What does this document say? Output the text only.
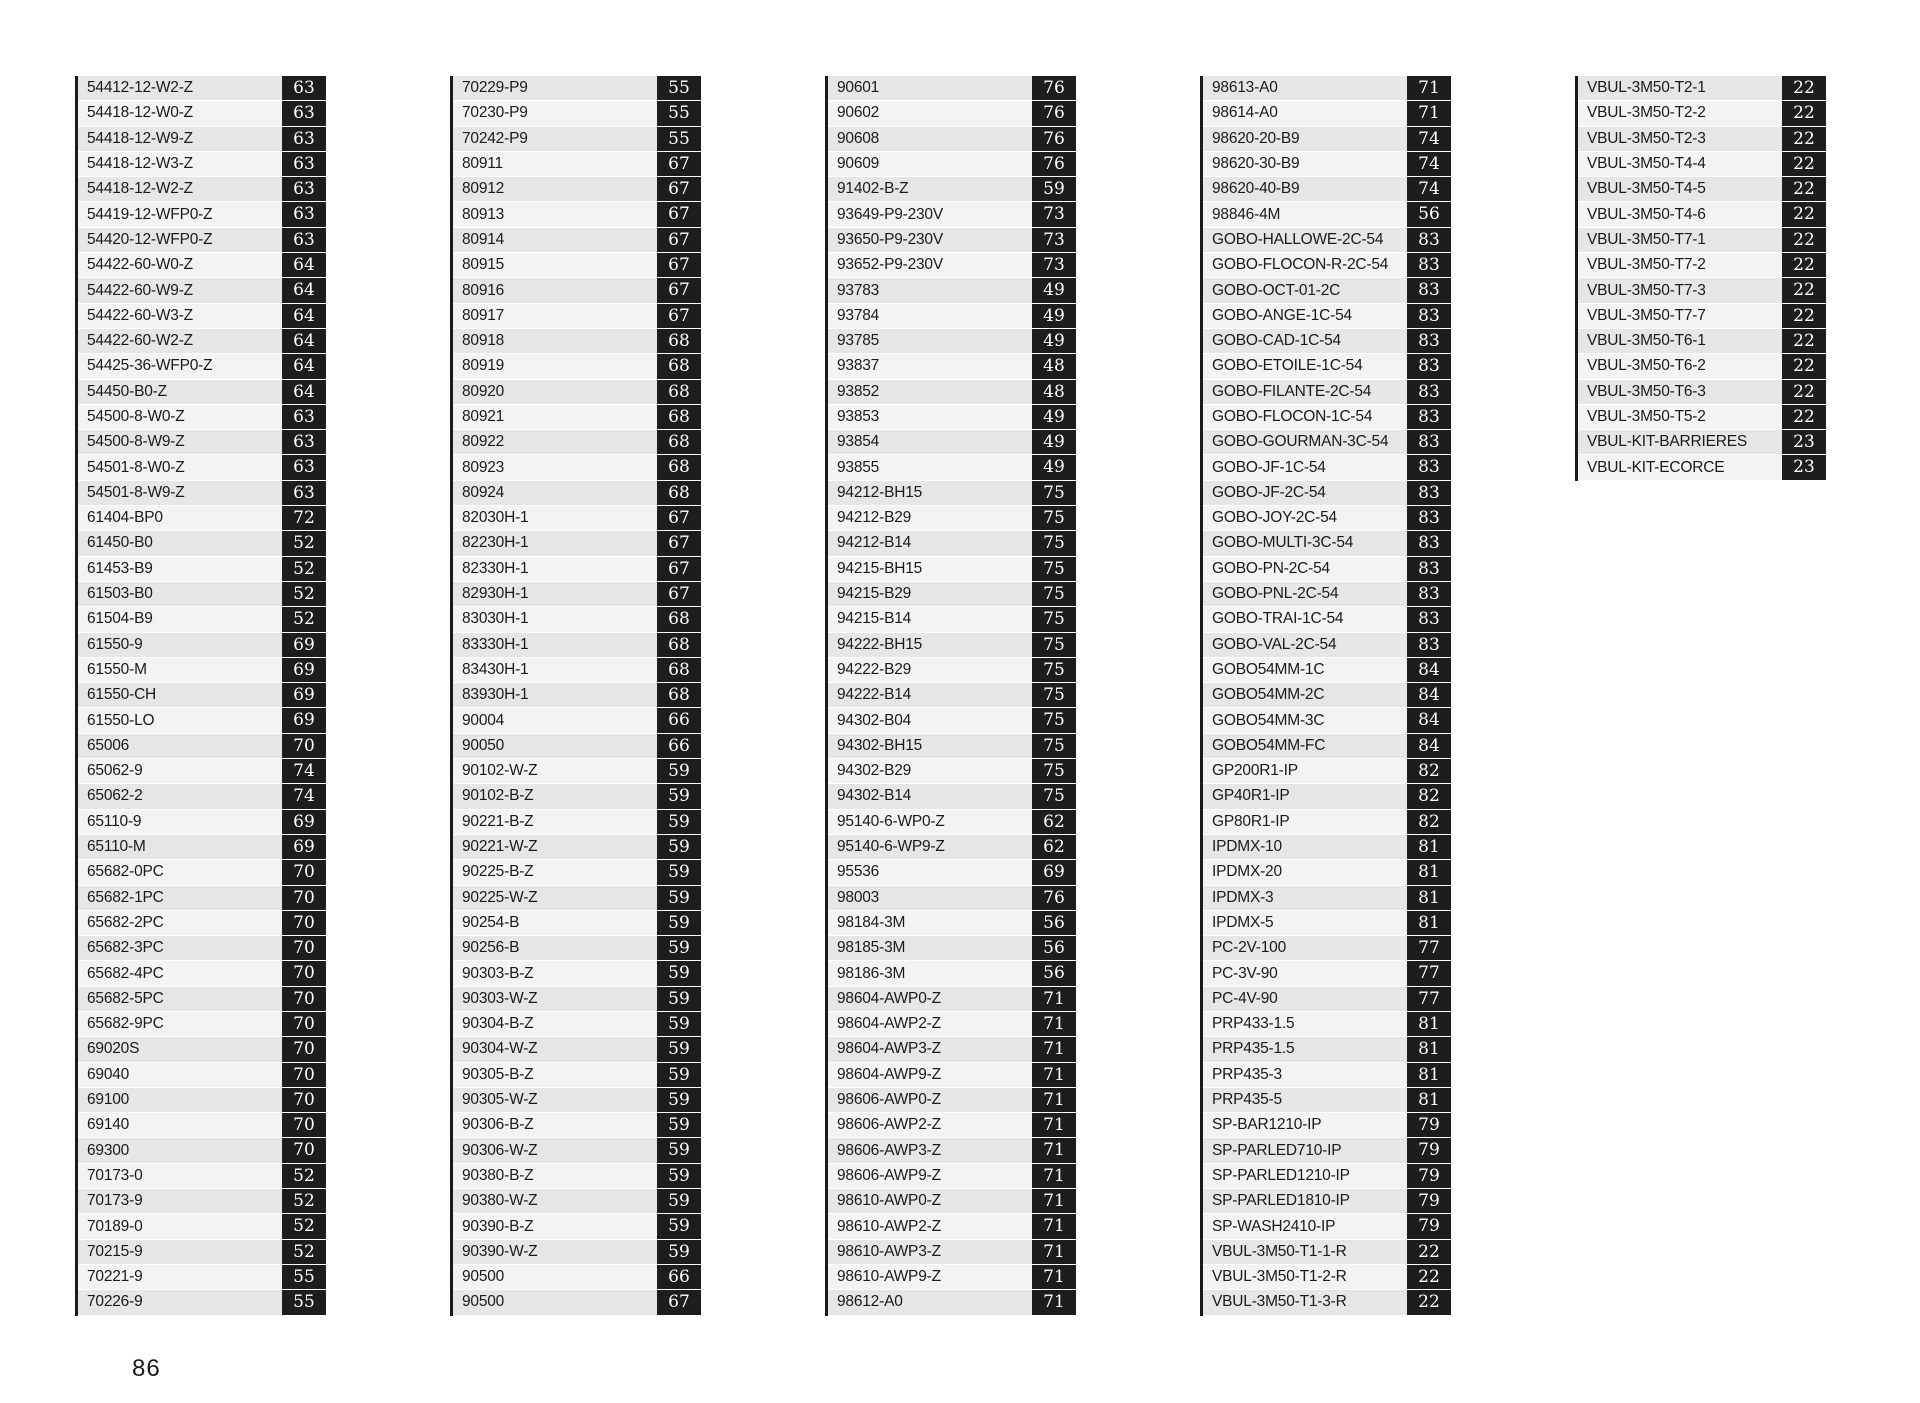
54412-12-W2-Z	63
54418-12-W0-Z	63
54418-12-W9-Z	63
54418-12-W3-Z	63
54418-12-W2-Z	63
54419-12-WFP0-Z	63
54420-12-WFP0-Z	63
54422-60-W0-Z	64
54422-60-W9-Z	64
54422-60-W3-Z	64
54422-60-W2-Z	64
54425-36-WFP0-Z	64
54450-B0-Z	64
54500-8-W0-Z	63
54500-8-W9-Z	63
54501-8-W0-Z	63
54501-8-W9-Z	63
61404-BP0	72
61450-B0	52
61453-B9	52
61503-B0	52
61504-B9	52
61550-9	69
61550-M	69
61550-CH	69
61550-LO	69
65006	70
65062-9	74
65062-2	74
65110-9	69
65110-M	69
65682-0PC	70
65682-1PC	70
65682-2PC	70
65682-3PC	70
65682-4PC	70
65682-5PC	70
65682-9PC	70
69020S	70
69040	70
69100	70
69140	70
69300	70
70173-0	52
70173-9	52
70189-0	52
70215-9	52
70221-9	55
70226-9	55
70229-P9	55
70230-P9	55
70242-P9	55
80911	67
80912	67
80913	67
80914	67
80915	67
80916	67
80917	67
80918	68
80919	68
80920	68
80921	68
80922	68
80923	68
80924	68
82030H-1	67
82230H-1	67
82330H-1	67
82930H-1	67
83030H-1	68
83330H-1	68
83430H-1	68
83930H-1	68
90004	66
90050	66
90102-W-Z	59
90102-B-Z	59
90221-B-Z	59
90221-W-Z	59
90225-B-Z	59
90225-W-Z	59
90254-B	59
90256-B	59
90303-B-Z	59
90303-W-Z	59
90304-B-Z	59
90304-W-Z	59
90305-B-Z	59
90305-W-Z	59
90306-B-Z	59
90306-W-Z	59
90380-B-Z	59
90380-W-Z	59
90390-B-Z	59
90390-W-Z	59
90500	66
90500	67
90601	76
90602	76
90608	76
90609	76
91402-B-Z	59
93649-P9-230V	73
93650-P9-230V	73
93652-P9-230V	73
93783	49
93784	49
93785	49
93837	48
93852	48
93853	49
93854	49
93855	49
94212-BH15	75
94212-B29	75
94212-B14	75
94215-BH15	75
94215-B29	75
94215-B14	75
94222-BH15	75
94222-B29	75
94222-B14	75
94302-B04	75
94302-BH15	75
94302-B29	75
94302-B14	75
95140-6-WP0-Z	62
95140-6-WP9-Z	62
95536	69
98003	76
98184-3M	56
98185-3M	56
98186-3M	56
98604-AWP0-Z	71
98604-AWP2-Z	71
98604-AWP3-Z	71
98604-AWP9-Z	71
98606-AWP0-Z	71
98606-AWP2-Z	71
98606-AWP3-Z	71
98606-AWP9-Z	71
98610-AWP0-Z	71
98610-AWP2-Z	71
98610-AWP3-Z	71
98610-AWP9-Z	71
98612-A0	71
98613-A0	71
98614-A0	71
98620-20-B9	74
98620-30-B9	74
98620-40-B9	74
98846-4M	56
GOBO-HALLOWE-2C-54	83
GOBO-FLOCON-R-2C-54	83
GOBO-OCT-01-2C	83
GOBO-ANGE-1C-54	83
GOBO-CAD-1C-54	83
GOBO-ETOILE-1C-54	83
GOBO-FILANTE-2C-54	83
GOBO-FLOCON-1C-54	83
GOBO-GOURMAN-3C-54	83
GOBO-JF-1C-54	83
GOBO-JF-2C-54	83
GOBO-JOY-2C-54	83
GOBO-MULTI-3C-54	83
GOBO-PN-2C-54	83
GOBO-PNL-2C-54	83
GOBO-TRAI-1C-54	83
GOBO-VAL-2C-54	83
GOBO54MM-1C	84
GOBO54MM-2C	84
GOBO54MM-3C	84
GOBO54MM-FC	84
GP200R1-IP	82
GP40R1-IP	82
GP80R1-IP	82
IPDMX-10	81
IPDMX-20	81
IPDMX-3	81
IPDMX-5	81
PC-2V-100	77
PC-3V-90	77
PC-4V-90	77
PRP433-1.5	81
PRP435-1.5	81
PRP435-3	81
PRP435-5	81
SP-BAR1210-IP	79
SP-PARLED710-IP	79
SP-PARLED1210-IP	79
SP-PARLED1810-IP	79
SP-WASH2410-IP	79
VBUL-3M50-T1-1-R	22
VBUL-3M50-T1-2-R	22
VBUL-3M50-T1-3-R	22
VBUL-3M50-T2-1	22
VBUL-3M50-T2-2	22
VBUL-3M50-T2-3	22
VBUL-3M50-T4-4	22
VBUL-3M50-T4-5	22
VBUL-3M50-T4-6	22
VBUL-3M50-T7-1	22
VBUL-3M50-T7-2	22
VBUL-3M50-T7-3	22
VBUL-3M50-T7-7	22
VBUL-3M50-T6-1	22
VBUL-3M50-T6-2	22
VBUL-3M50-T6-3	22
VBUL-3M50-T5-2	22
VBUL-KIT-BARRIERES	23
VBUL-KIT-ECORCE	23
86
